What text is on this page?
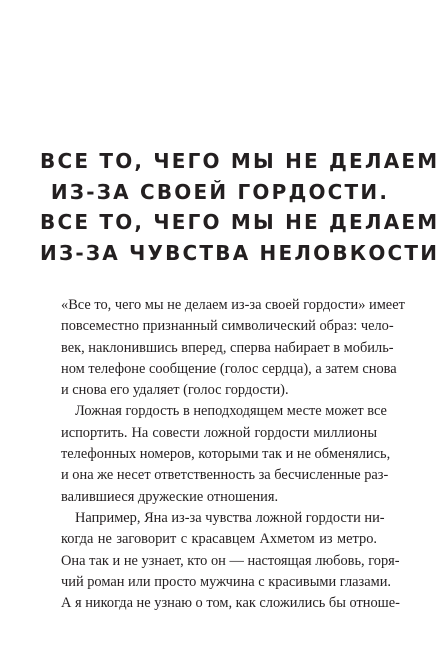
ВСЕ ТО, ЧЕГО МЫ НЕ ДЕЛАЕМ
ИЗ-ЗА СВОЕЙ ГОРДОСТИ.
ВСЕ ТО, ЧЕГО МЫ НЕ ДЕЛАЕМ
ИЗ-ЗА ЧУВСТВА НЕЛОВКОСТИ
«Все то, чего мы не делаем из-за своей гордости» имеет
повсеместно признанный символический образ: чело-
век, наклонившись вперед, сперва набирает в мобиль-
ном телефоне сообщение (голос сердца), а затем снова
и снова его удаляет (голос гордости).
Ложная гордость в неподходящем месте может все
испортить. На совести ложной гордости миллионы
телефонных номеров, которыми так и не обменялись,
и она же несет ответственность за бесчисленные раз-
валившиеся дружеские отношения.
Например, Яна из-за чувства ложной гордости ни-
когда не заговорит с красавцем Ахметом из метро.
Она так и не узнает, кто он — настоящая любовь, горя-
чий роман или просто мужчина с красивыми глазами.
А я никогда не узнаю о том, как сложились бы отноше-
